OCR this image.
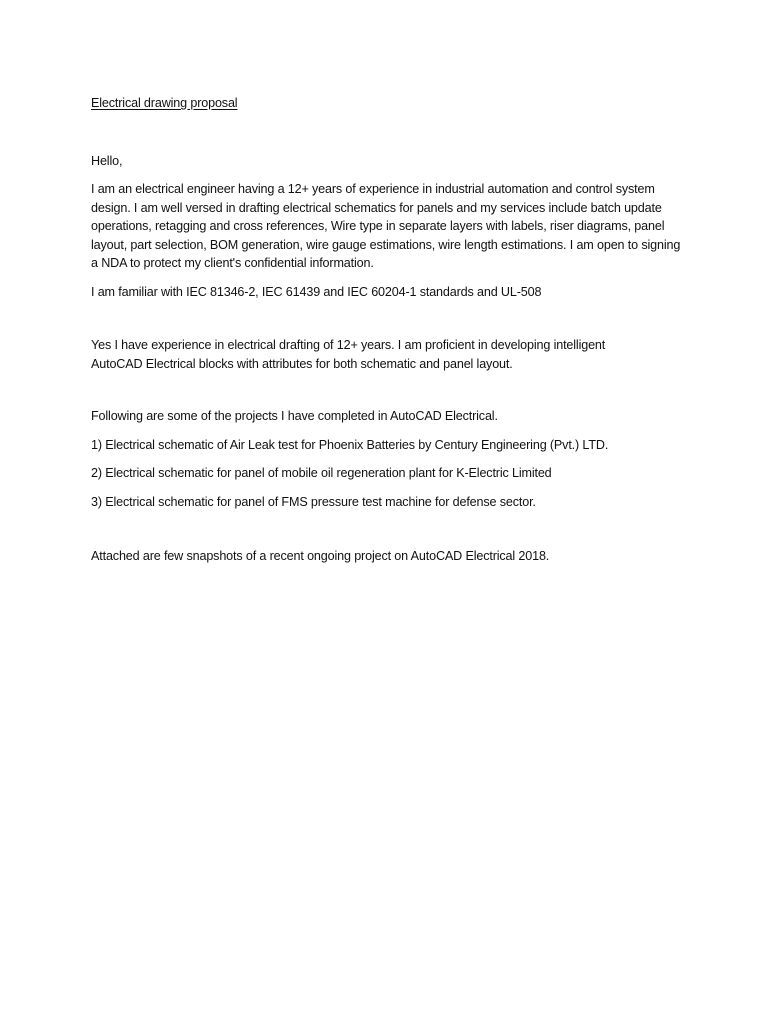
Electrical drawing proposal

Hello,

I am an electrical engineer having a 12+ years of experience in industrial automation and control system design. I am well versed in drafting electrical schematics for panels and my services include batch update operations, retagging and cross references, Wire type in separate layers with labels, riser diagrams, panel layout, part selection, BOM generation, wire gauge estimations, wire length estimations. I am open to signing a NDA to protect my client's confidential information.

I am familiar with IEC 81346-2, IEC 61439 and IEC 60204-1 standards and UL-508

Yes I have experience in electrical drafting of 12+ years. I am proficient in developing intelligent AutoCAD Electrical blocks with attributes for both schematic and panel layout.

Following are some of the projects I have completed in AutoCAD Electrical.

1) Electrical schematic of Air Leak test for Phoenix Batteries by Century Engineering (Pvt.) LTD.

2) Electrical schematic for panel of mobile oil regeneration plant for K-Electric Limited

3) Electrical schematic for panel of FMS pressure test machine for defense sector.

Attached are few snapshots of a recent ongoing project on AutoCAD Electrical 2018.
